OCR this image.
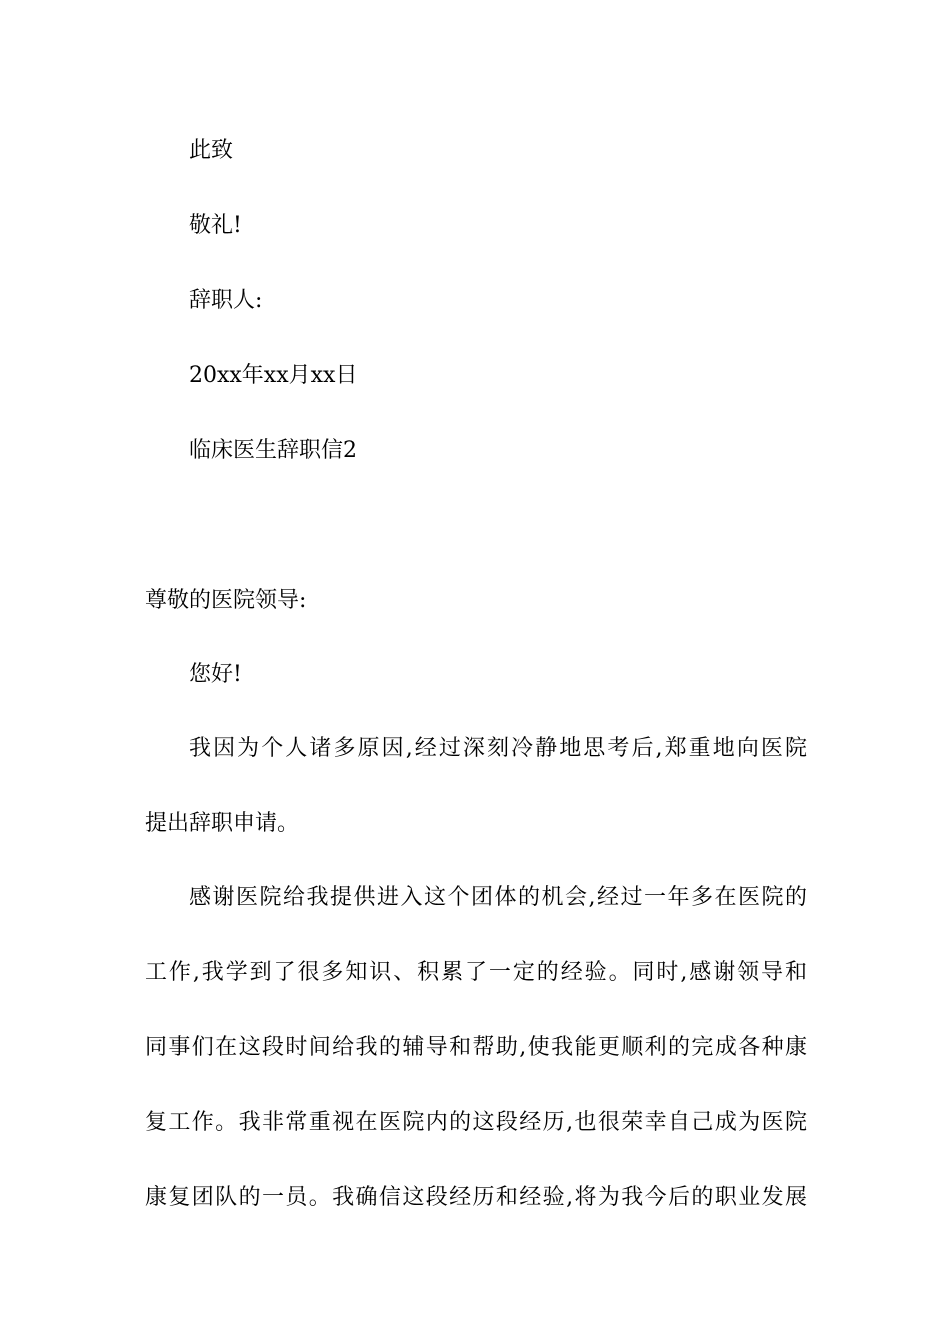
此致
敬礼!
辞职人:
20xx年xx月xx日
临床医生辞职信2
尊敬的医院领导:
您好!
我因为个人诸多原因,经过深刻冷静地思考后,郑重地向医院
提出辞职申请。
感谢医院给我提供进入这个团体的机会,经过一年多在医院的
工作,我学到了很多知识、积累了一定的经验。同时,感谢领导和
同事们在这段时间给我的辅导和帮助,使我能更顺利的完成各种康
复工作。我非常重视在医院内的这段经历,也很荣幸自己成为医院
康复团队的一员。我确信这段经历和经验,将为我今后的职业发展
